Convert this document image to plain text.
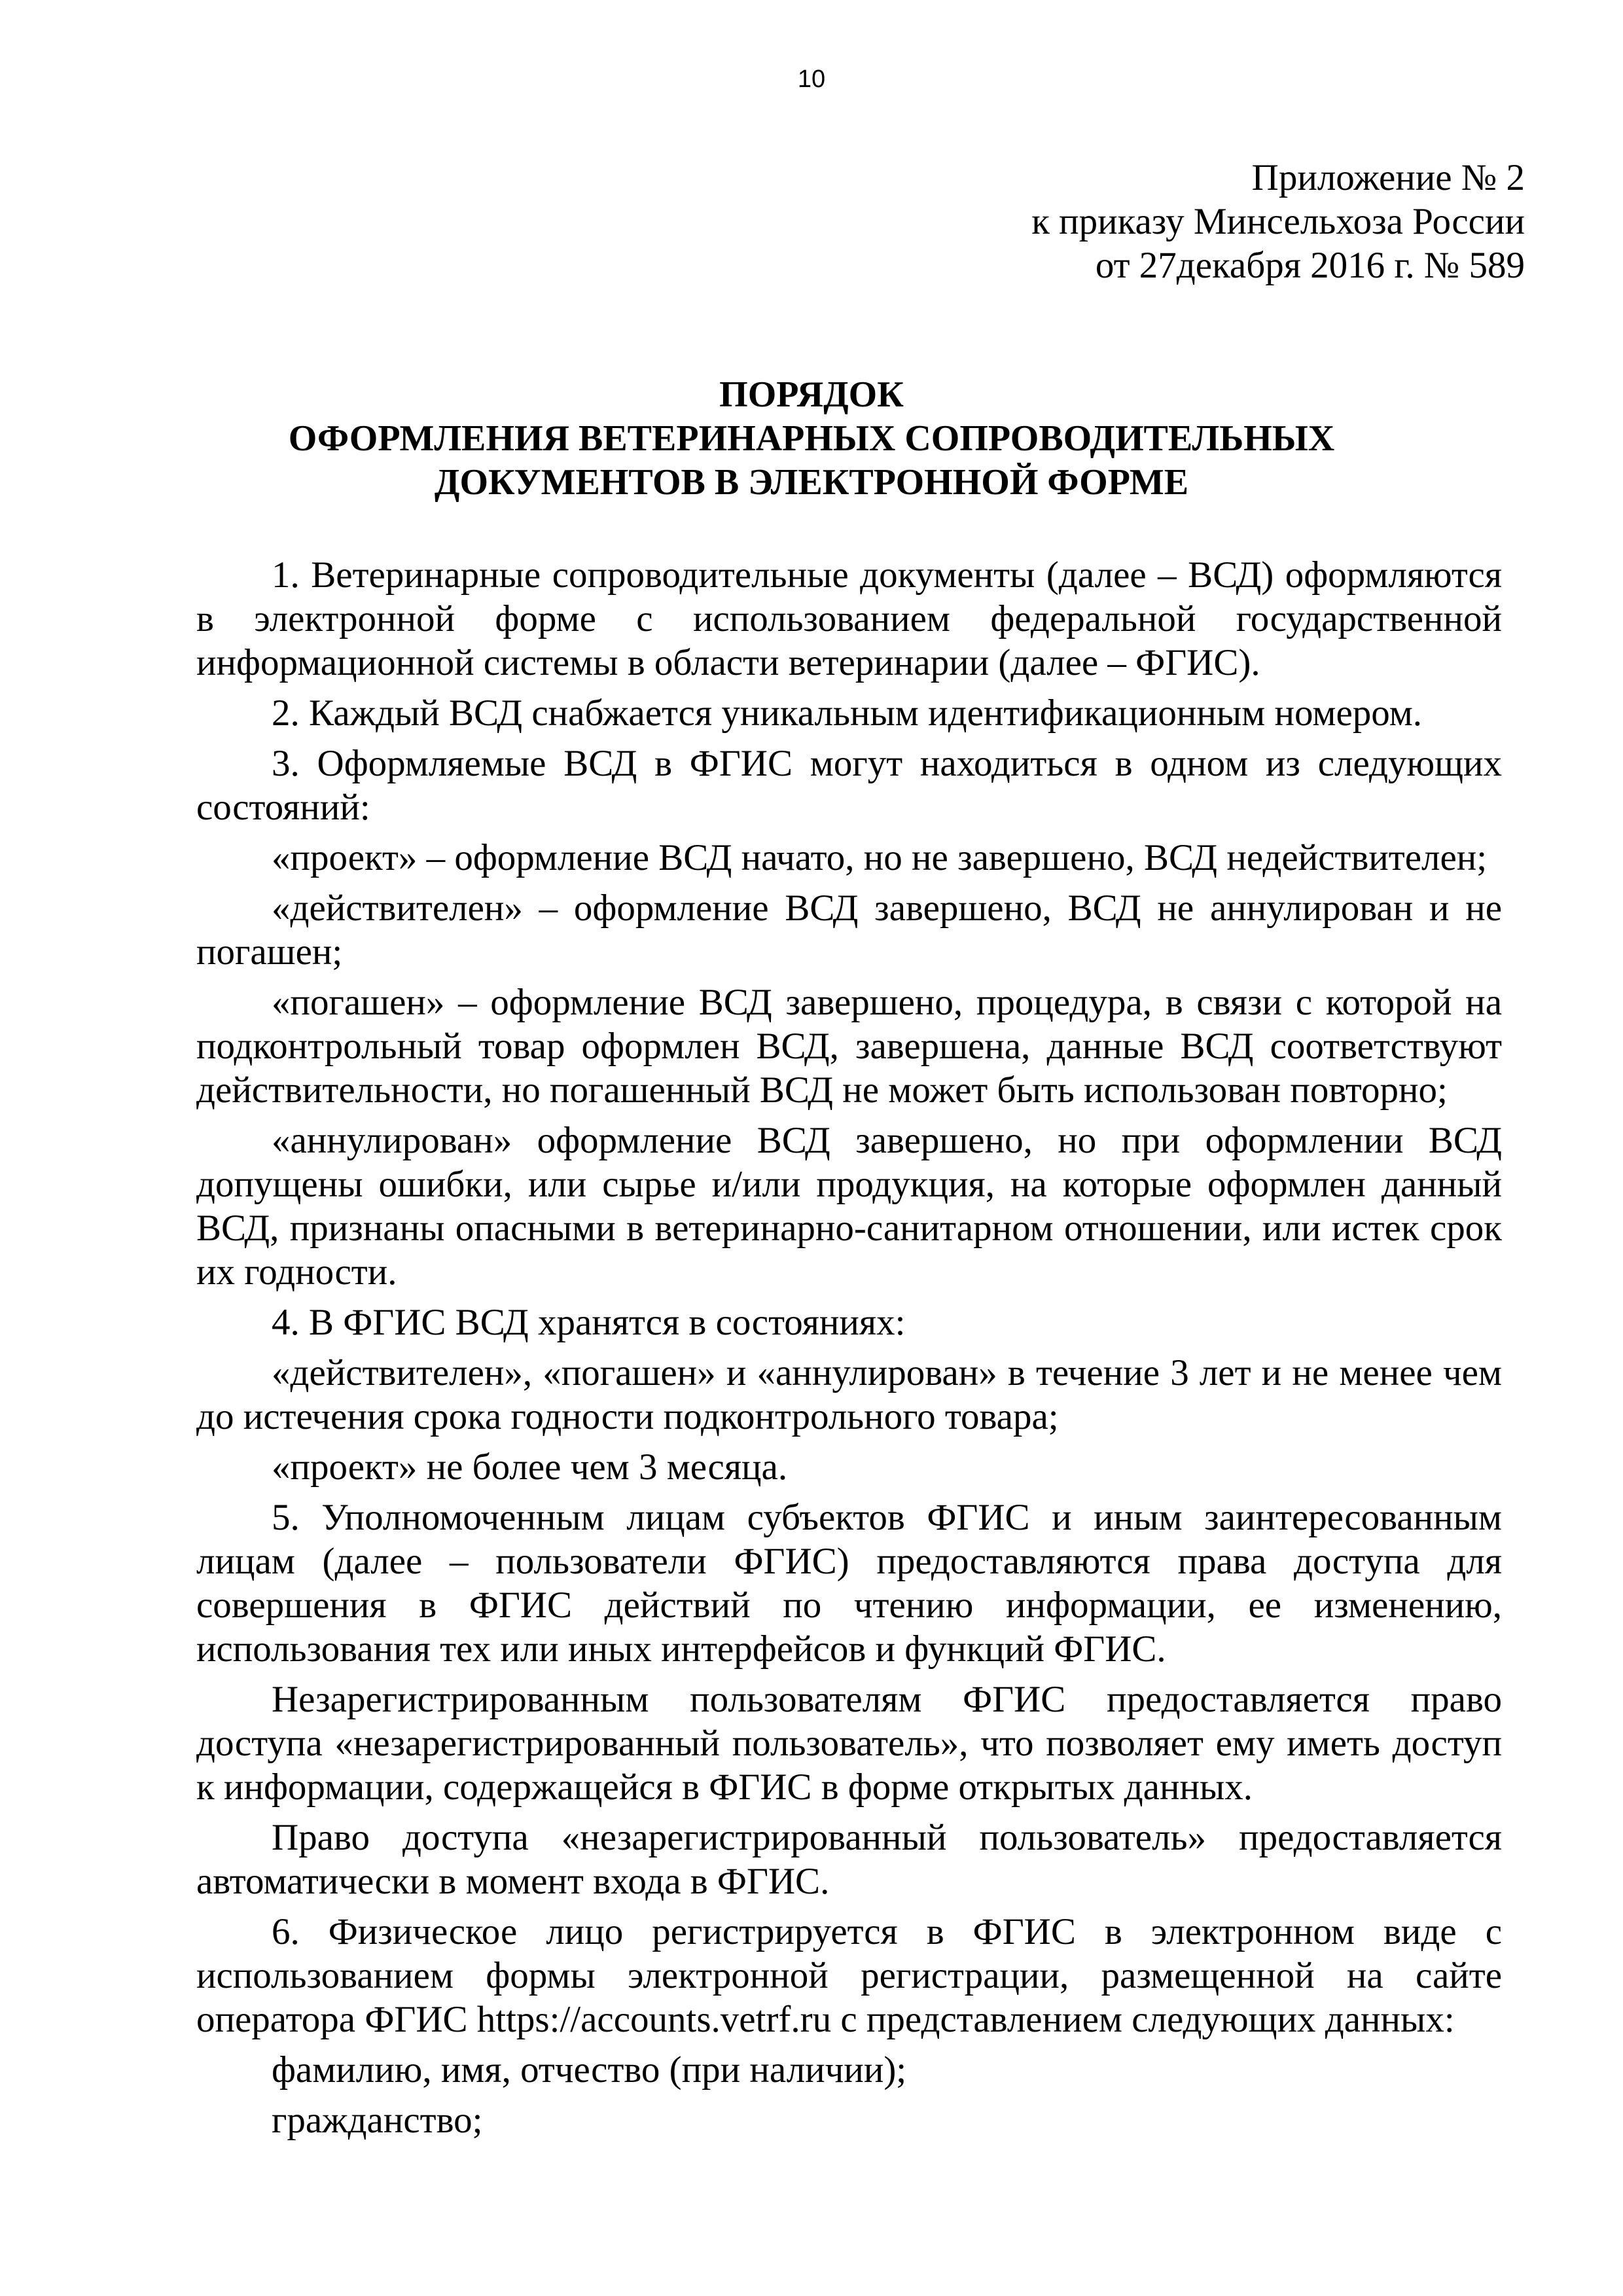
10
Приложение № 2
к приказу Минсельхоза России
от 27декабря 2016 г. № 589
ПОРЯДОК
ОФОРМЛЕНИЯ ВЕТЕРИНАРНЫХ СОПРОВОДИТЕЛЬНЫХ
ДОКУМЕНТОВ В ЭЛЕКТРОННОЙ ФОРМЕ

1. Ветеринарные сопроводительные документы (далее – ВСД) оформляются в электронной форме с использованием федеральной государственной информационной системы в области ветеринарии (далее – ФГИС).

2. Каждый ВСД снабжается уникальным идентификационным номером.

3. Оформляемые ВСД в ФГИС могут находиться в одном из следующих состояний:

«проект» – оформление ВСД начато, но не завершено, ВСД недействителен;

«действителен» – оформление ВСД завершено, ВСД не аннулирован и не погашен;

«погашен» – оформление ВСД завершено, процедура, в связи с которой на подконтрольный товар оформлен ВСД, завершена, данные ВСД соответствуют действительности, но погашенный ВСД не может быть использован повторно;

«аннулирован» оформление ВСД завершено, но при оформлении ВСД допущены ошибки, или сырье и/или продукция, на которые оформлен данный ВСД, признаны опасными в ветеринарно-санитарном отношении, или истек срок их годности.

4. В ФГИС ВСД хранятся в состояниях:

«действителен», «погашен» и «аннулирован» в течение 3 лет и не менее чем до истечения срока годности подконтрольного товара;

«проект» не более чем 3 месяца.

5. Уполномоченным лицам субъектов ФГИС и иным заинтересованным лицам (далее – пользователи ФГИС) предоставляются права доступа для совершения в ФГИС действий по чтению информации, ее изменению, использования тех или иных интерфейсов и функций ФГИС.

Незарегистрированным пользователям ФГИС предоставляется право доступа «незарегистрированный пользователь», что позволяет ему иметь доступ к информации, содержащейся в ФГИС в форме открытых данных.

Право доступа «незарегистрированный пользователь» предоставляется автоматически в момент входа в ФГИС.

6. Физическое лицо регистрируется в ФГИС в электронном виде с использованием формы электронной регистрации, размещенной на сайте оператора ФГИС https://accounts.vetrf.ru с представлением следующих данных:

фамилию, имя, отчество (при наличии);

гражданство;
